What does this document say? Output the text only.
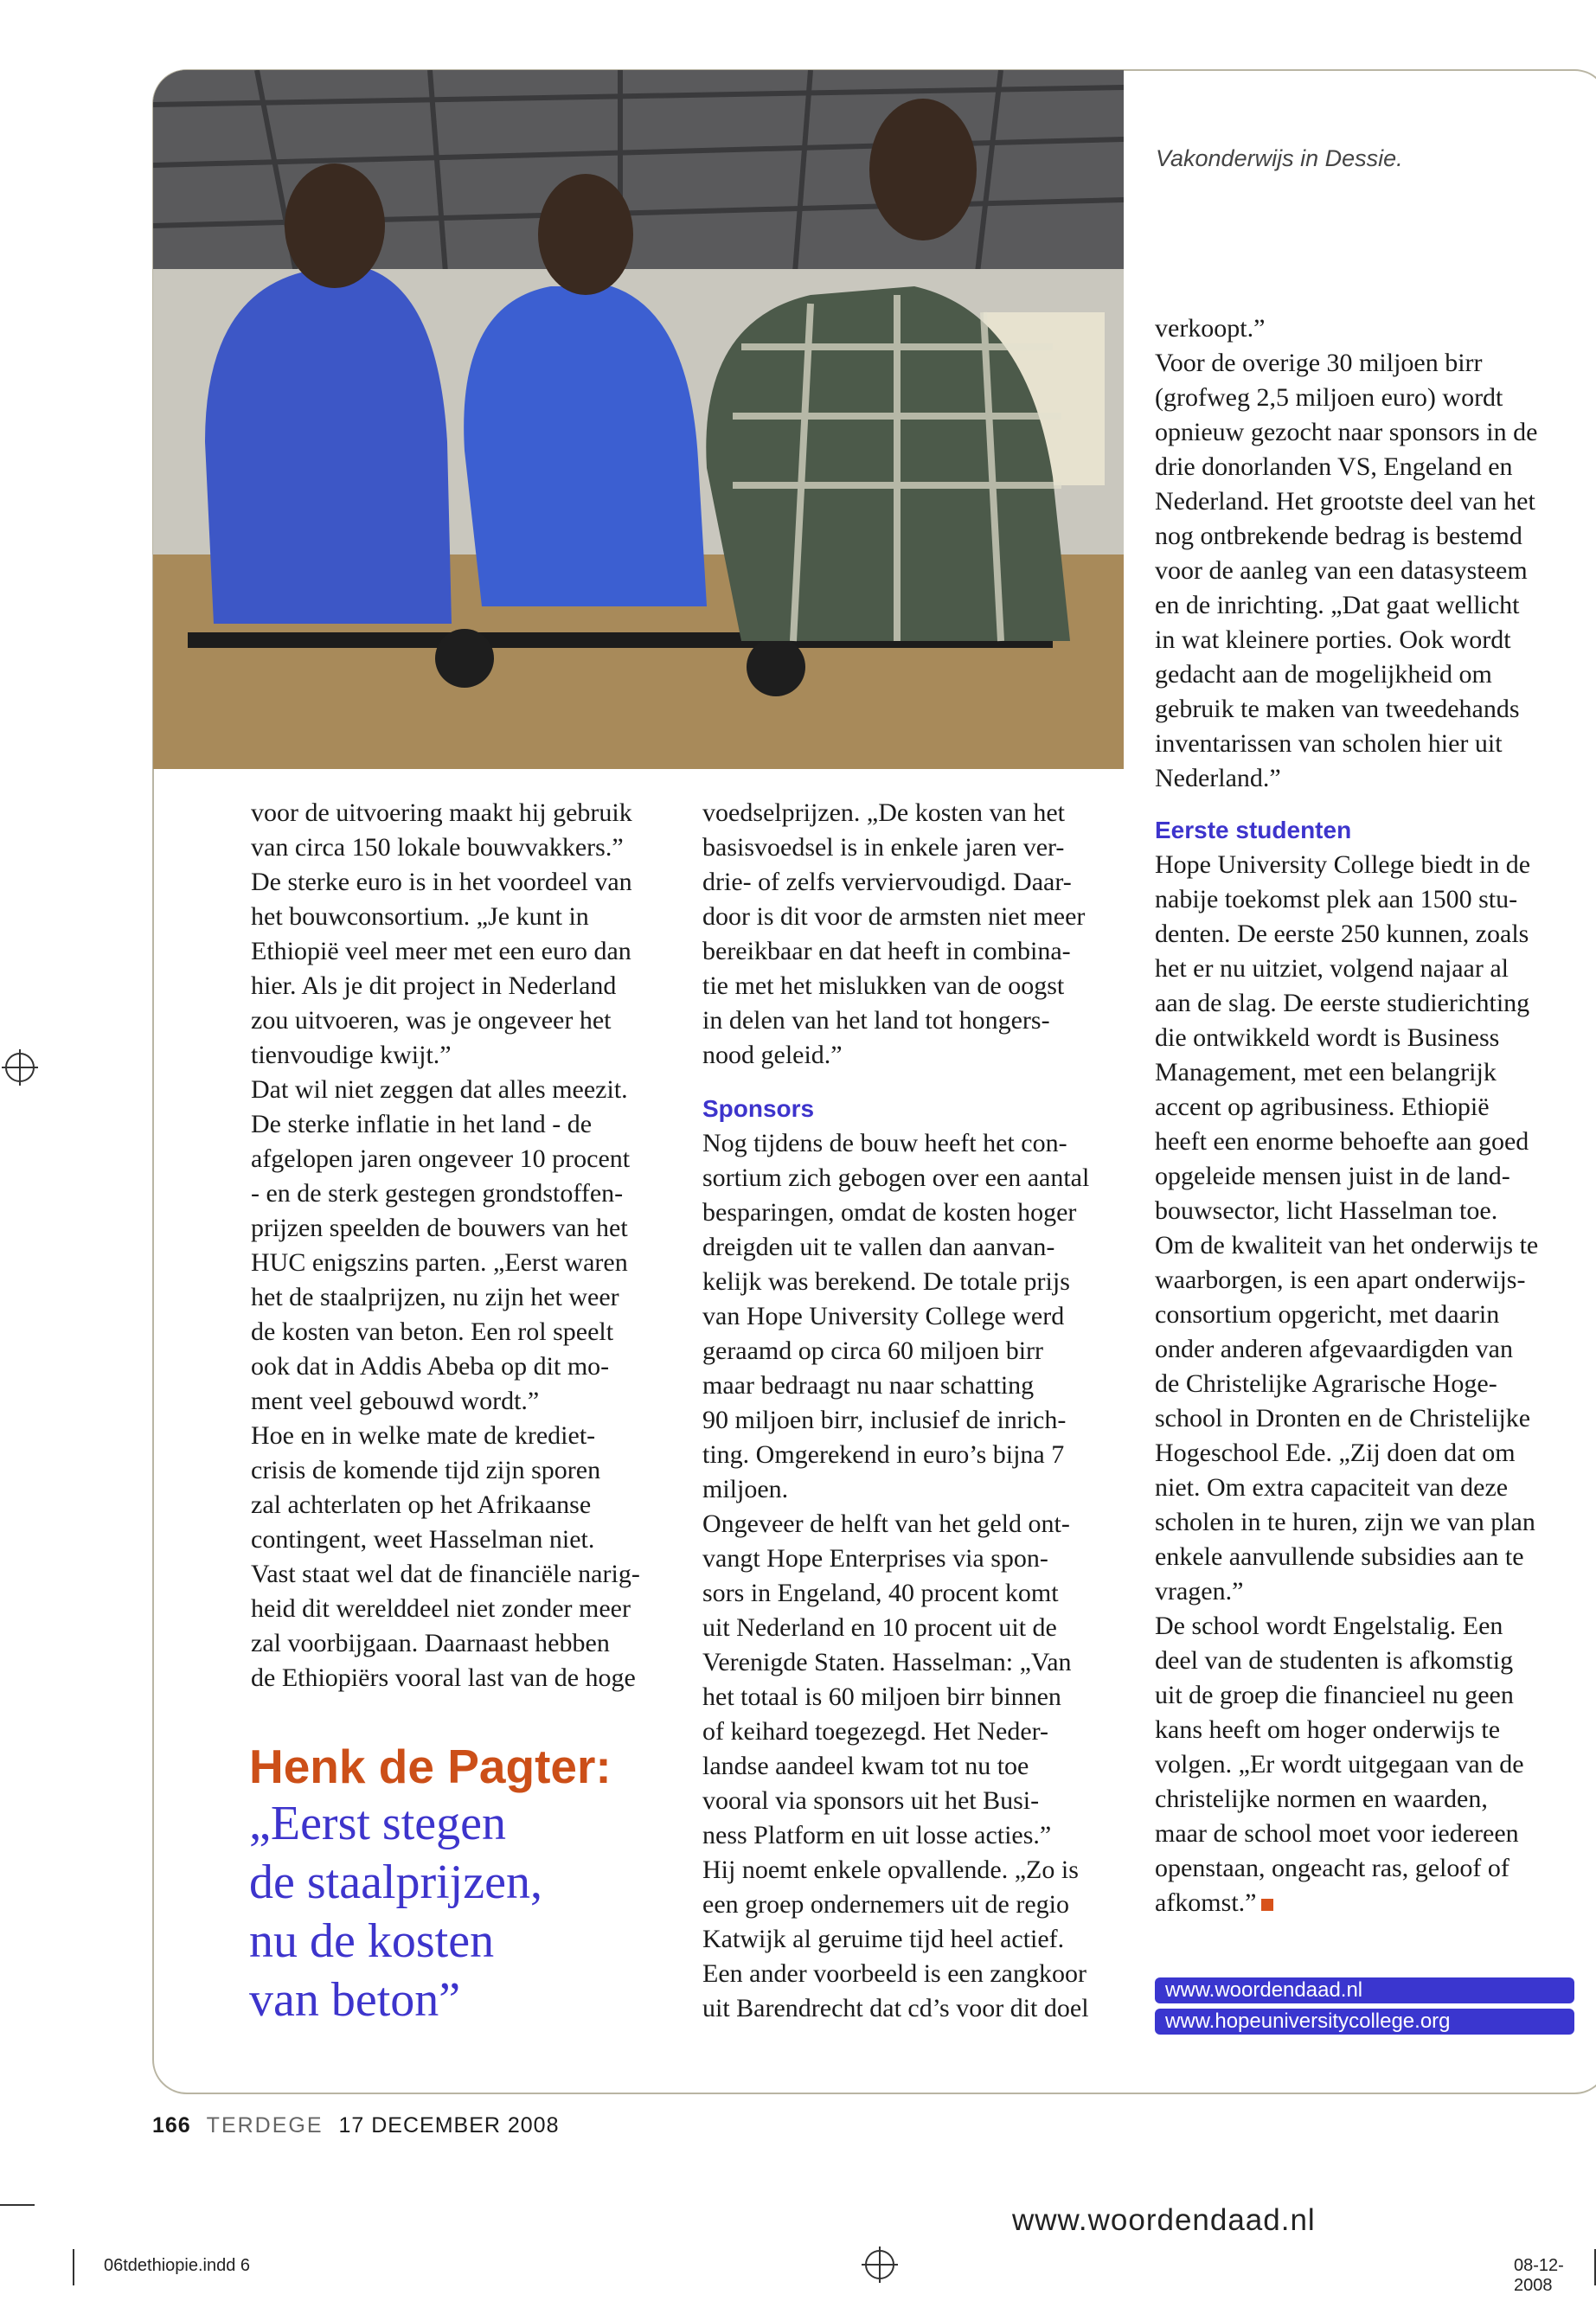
Vakonderwijs in Dessie.

voor de uitvoering maakt hij gebruik

van circa 150 lokale bouwvakkers.”

De sterke euro is in het voordeel van

het bouwconsortium. „Je kunt in

Ethiopië veel meer met een euro dan

hier. Als je dit project in Nederland

zou uitvoeren, was je ongeveer het

tienvoudige kwijt.”

Dat wil niet zeggen dat alles meezit.

De sterke inflatie in het land - de

afgelopen jaren ongeveer 10 procent

- en de sterk gestegen grondstoffen-

prijzen speelden de bouwers van het

HUC enigszins parten. „Eerst waren

het de staalprijzen, nu zijn het weer

de kosten van beton. Een rol speelt

ook dat in Addis Abeba op dit mo-

ment veel gebouwd wordt.”

Hoe en in welke mate de krediet-

crisis de komende tijd zijn sporen

zal achterlaten op het Afrikaanse

contingent, weet Hasselman niet.

Vast staat wel dat de financiële narig-

heid dit werelddeel niet zonder meer

zal voorbijgaan. Daarnaast hebben

de Ethiopiërs vooral last van de hoge

Henk de Pagter:
„Eerst stegen
de staalprijzen,
nu de kosten
van beton”

voedselprijzen. „De kosten van het

basisvoedsel is in enkele jaren ver-

drie- of zelfs verviervoudigd. Daar-

door is dit voor de armsten niet meer

bereikbaar en dat heeft in combina-

tie met het mislukken van de oogst

in delen van het land tot hongers-

nood geleid.”

Sponsors

Nog tijdens de bouw heeft het con-

sortium zich gebogen over een aantal

besparingen, omdat de kosten hoger

dreigden uit te vallen dan aanvan-

kelijk was berekend. De totale prijs

van Hope University College werd

geraamd op circa 60 miljoen birr

maar bedraagt nu naar schatting

90 miljoen birr, inclusief de inrich-

ting. Omgerekend in euro’s bijna 7

miljoen.

Ongeveer de helft van het geld ont-

vangt Hope Enterprises via spon-

sors in Engeland, 40 procent komt

uit Nederland en 10 procent uit de

Verenigde Staten. Hasselman: „Van

het totaal is 60 miljoen birr binnen

of keihard toegezegd. Het Neder-

landse aandeel kwam tot nu toe

vooral via sponsors uit het Busi-

ness Platform en uit losse acties.”

Hij noemt enkele opvallende. „Zo is

een groep ondernemers uit de regio

Katwijk al geruime tijd heel actief.

Een ander voorbeeld is een zangkoor

uit Barendrecht dat cd’s voor dit doel

verkoopt.”

Voor de overige 30 miljoen birr

(grofweg 2,5 miljoen euro) wordt

opnieuw gezocht naar sponsors in de

drie donorlanden VS, Engeland en

Nederland. Het grootste deel van het

nog ontbrekende bedrag is bestemd

voor de aanleg van een datasysteem

en de inrichting. „Dat gaat wellicht

in wat kleinere porties. Ook wordt

gedacht aan de mogelijkheid om

gebruik te maken van tweedehands

inventarissen van scholen hier uit

Nederland.”

Eerste studenten

Hope University College biedt in de

nabije toekomst plek aan 1500 stu-

denten. De eerste 250 kunnen, zoals

het er nu uitziet, volgend najaar al

aan de slag. De eerste studierichting

die ontwikkeld wordt is Business

Management, met een belangrijk

accent op agribusiness. Ethiopië

heeft een enorme behoefte aan goed

opgeleide mensen juist in de land-

bouwsector, licht Hasselman toe.

Om de kwaliteit van het onderwijs te

waarborgen, is een apart onderwijs-

consortium opgericht, met daarin

onder anderen afgevaardigden van

de Christelijke Agrarische Hoge-

school in Dronten en de Christelijke

Hogeschool Ede. „Zij doen dat om

niet. Om extra capaciteit van deze

scholen in te huren, zijn we van plan

enkele aanvullende subsidies aan te

vragen.”

De school wordt Engelstalig. Een

deel van de studenten is afkomstig

uit de groep die financieel nu geen

kans heeft om hoger onderwijs te

volgen. „Er wordt uitgegaan van de

christelijke normen en waarden,

maar de school moet voor iedereen

openstaan, ongeacht ras, geloof of

afkomst.”

www.woordendaad.nl
www.hopeuniversitycollege.org
166 TERDEGE 17 DECEMBER 2008
www.woordendaad.nl
06tdethiopie.indd 6	08-12-2008
